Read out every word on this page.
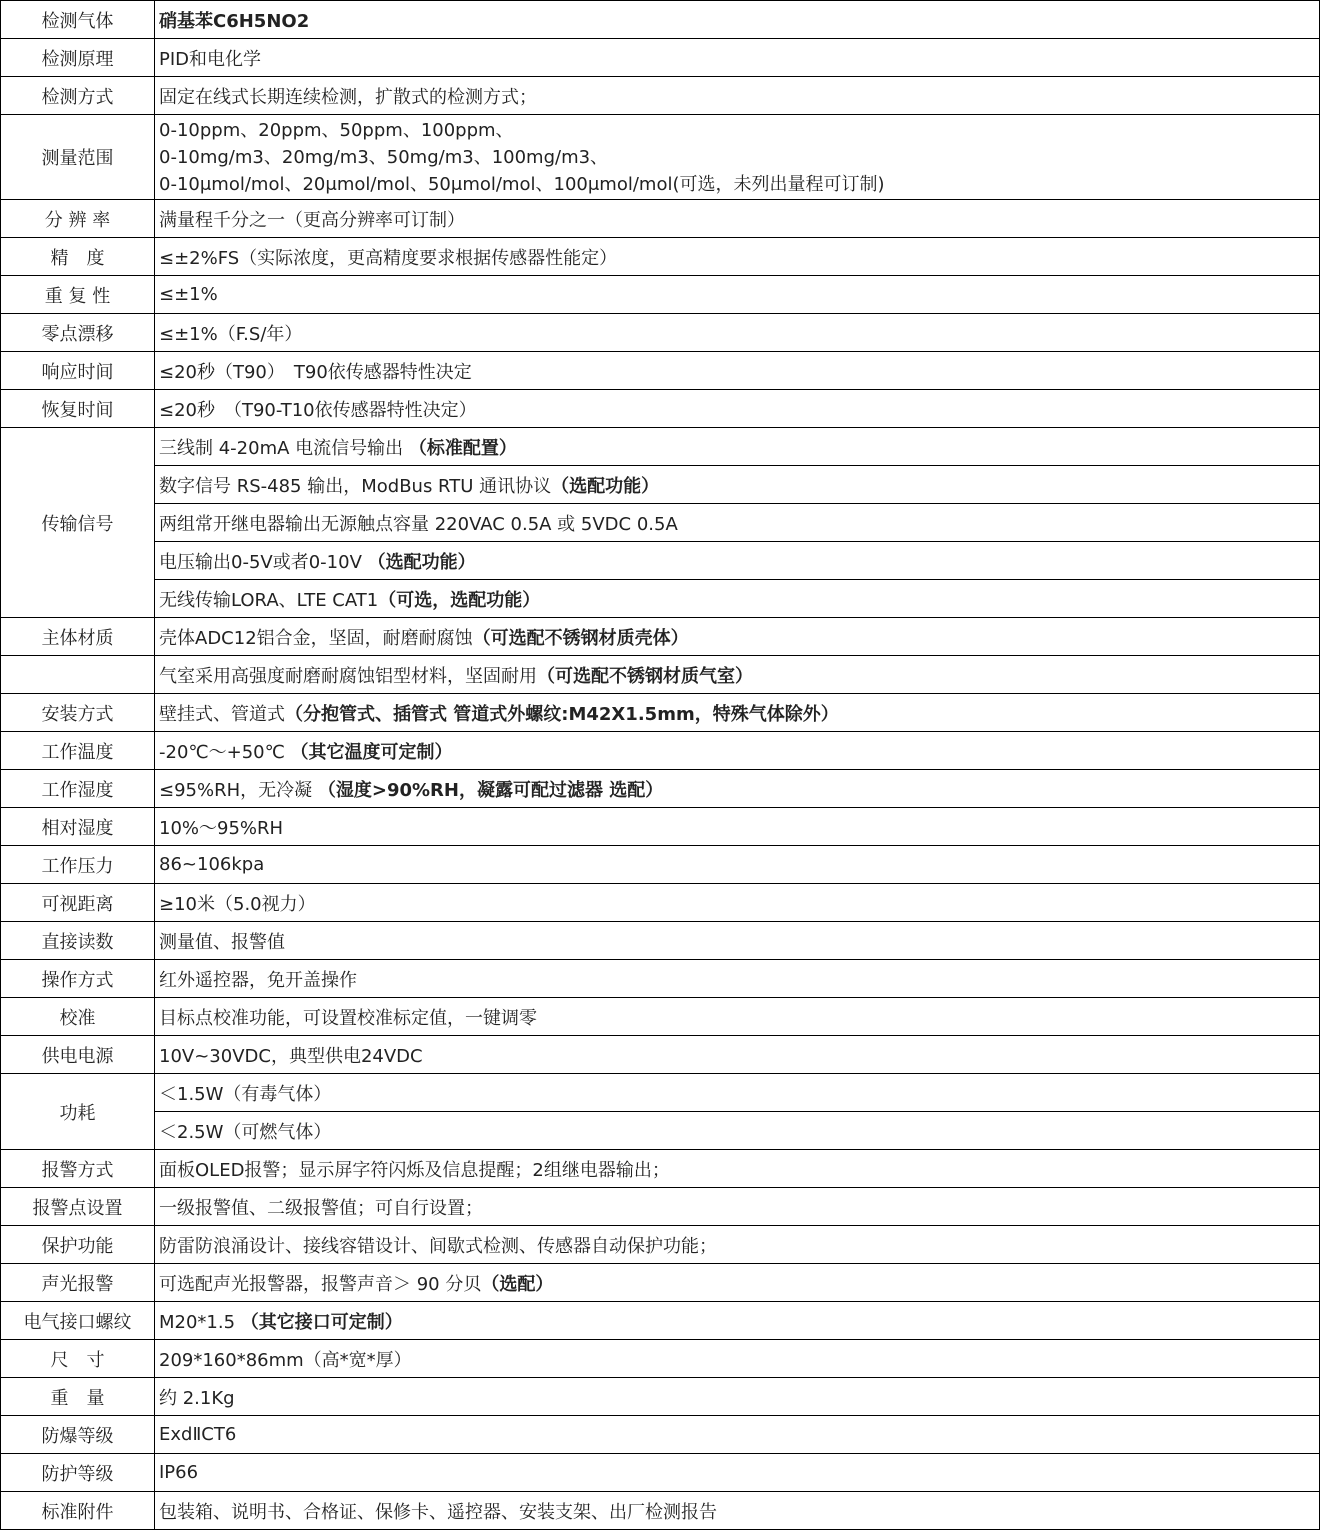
检测气体	硝基苯C6H5NO2
检测原理	PID和电化学
检测方式	固定在线式长期连续检测，扩散式的检测方式；
测量范围	0-10ppm、20ppm、50ppm、100ppm、
0-10mg/m3、20mg/m3、50mg/m3、100mg/m3、
0-10μmol/mol、20μmol/mol、50μmol/mol、100μmol/mol(可选，未列出量程可订制)
分 辨 率	满量程千分之一（更高分辨率可订制）
精　度	≤±2%FS（实际浓度，更高精度要求根据传感器性能定）
重 复 性	≤±1%
零点漂移	≤±1%（F.S/年）
响应时间	≤20秒（T90）　T90依传感器特性决定
恢复时间	≤20秒　（T90-T10依传感器特性决定）
传输信号	三线制 4-20mA 电流信号输出 （标准配置）
	数字信号 RS-485 输出，ModBus RTU 通讯协议（选配功能）
	两组常开继电器输出无源触点容量 220VAC 0.5A 或 5VDC 0.5A
	电压输出0-5V或者0-10V （选配功能）
	无线传输LORA、LTE CAT1（可选，选配功能）
主体材质	壳体ADC12铝合金，坚固，耐磨耐腐蚀（可选配不锈钢材质壳体）
	气室采用高强度耐磨耐腐蚀铝型材料，坚固耐用（可选配不锈钢材质气室）
安装方式	壁挂式、管道式（分抱管式、插管式 管道式外螺纹:M42X1.5mm，特殊气体除外）
工作温度	-20℃～+50℃ （其它温度可定制）
工作湿度	≤95%RH，无冷凝 （湿度>90%RH，凝露可配过滤器 选配）
相对湿度	10%～95%RH
工作压力	86~106kpa
可视距离	≥10米（5.0视力）
直接读数	测量值、报警值
操作方式	红外遥控器，免开盖操作
校准	目标点校准功能，可设置校准标定值，一键调零
供电电源	10V~30VDC，典型供电24VDC
功耗	＜1.5W（有毒气体）
	＜2.5W（可燃气体）
报警方式	面板OLED报警；显示屏字符闪烁及信息提醒；2组继电器输出；
报警点设置	一级报警值、二级报警值；可自行设置；
保护功能	防雷防浪涌设计、接线容错设计、间歇式检测、传感器自动保护功能；
声光报警	可选配声光报警器，报警声音＞ 90 分贝（选配）
电气接口螺纹	M20*1.5 （其它接口可定制）
尺　寸	209*160*86mm（高*宽*厚）
重　量	约 2.1Kg
防爆等级	ExdⅡCT6
防护等级	IP66
标准附件	包装箱、说明书、合格证、保修卡、遥控器、安装支架、出厂检测报告
